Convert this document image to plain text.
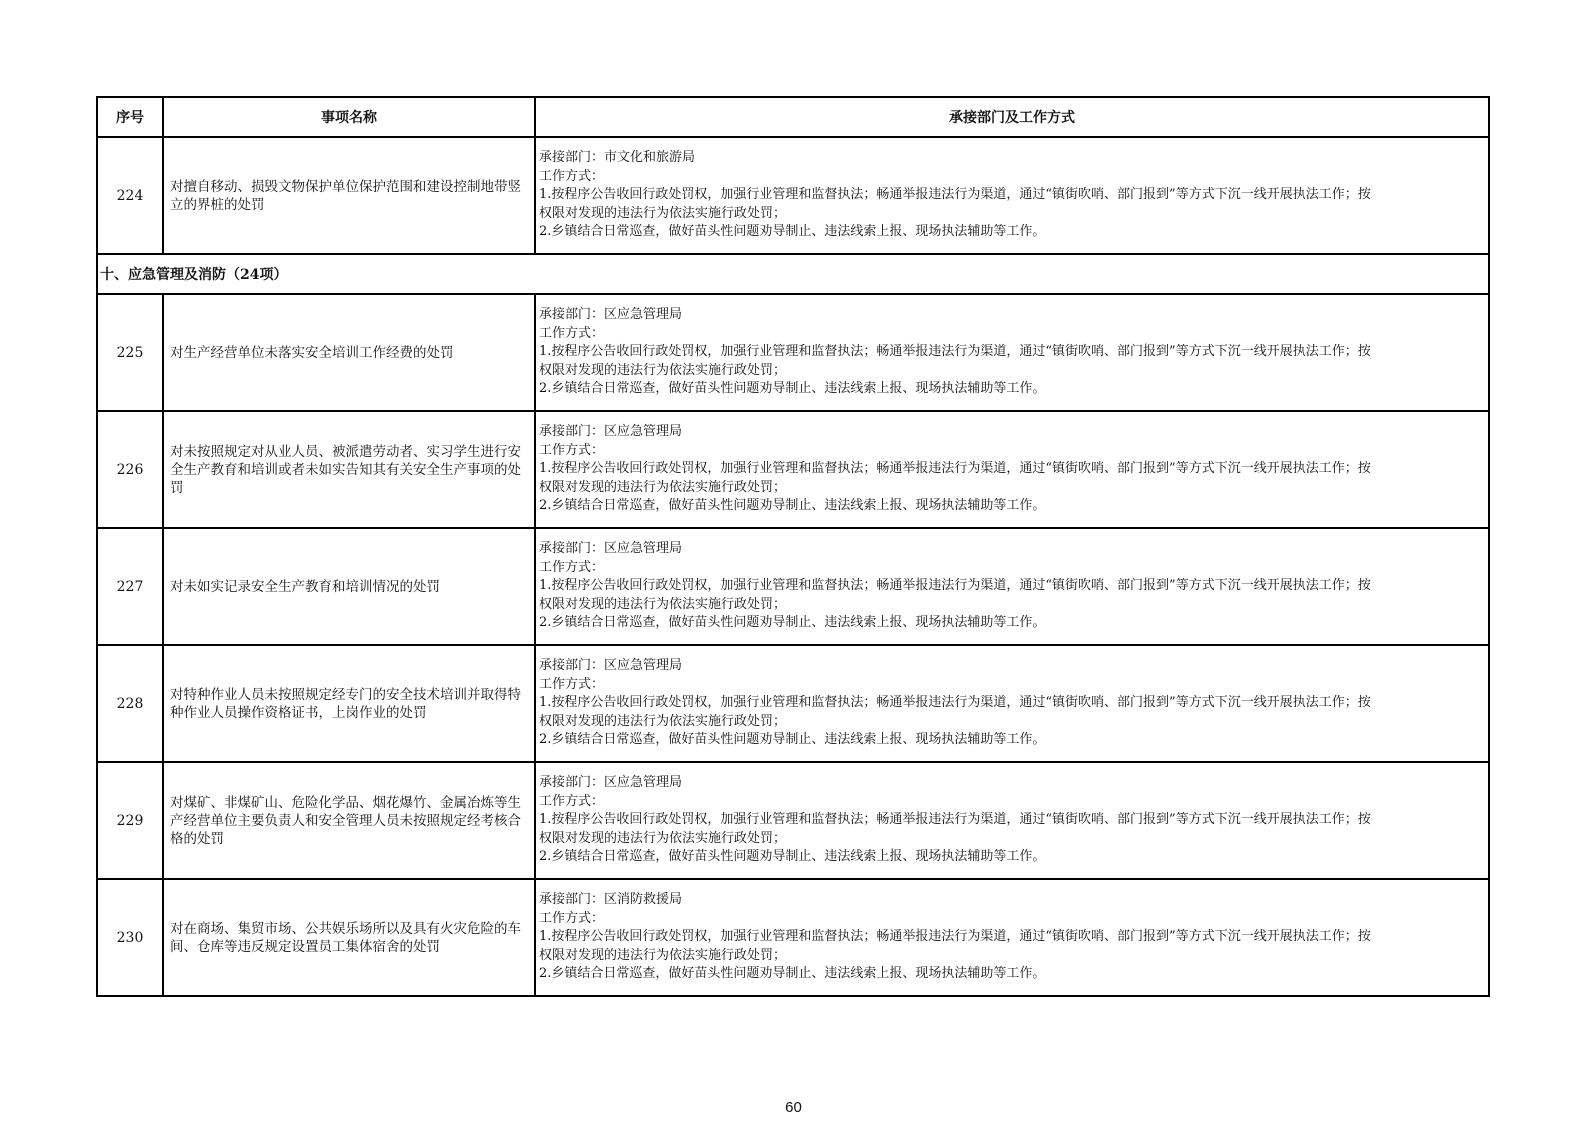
序号	事项名称	承接部门及工作方式
224	对擅自移动、损毁文物保护单位保护范围和建设控制地带竖立的界桩的处罚	承接部门：市文化和旅游局
工作方式：
1.按程序公告收回行政处罚权，加强行业管理和监督执法；畅通举报违法行为渠道，通过“镇街吹哨、部门报到”等方式下沉一线开展执法工作；按
权限对发现的违法行为依法实施行政处罚；
2.乡镇结合日常巡查，做好苗头性问题劝导制止、违法线索上报、现场执法辅助等工作。

十、应急管理及消防（24项）		
225	对生产经营单位未落实安全培训工作经费的处罚	承接部门：区应急管理局
工作方式：
1.按程序公告收回行政处罚权，加强行业管理和监督执法；畅通举报违法行为渠道，通过“镇街吹哨、部门报到”等方式下沉一线开展执法工作；按
权限对发现的违法行为依法实施行政处罚；
2.乡镇结合日常巡查，做好苗头性问题劝导制止、违法线索上报、现场执法辅助等工作。

226	对未按照规定对从业人员、被派遣劳动者、实习学生进行安全生产教育和培训或者未如实告知其有关安全生产事项的处罚	承接部门：区应急管理局
工作方式：
1.按程序公告收回行政处罚权，加强行业管理和监督执法；畅通举报违法行为渠道，通过“镇街吹哨、部门报到”等方式下沉一线开展执法工作；按
权限对发现的违法行为依法实施行政处罚；
2.乡镇结合日常巡查，做好苗头性问题劝导制止、违法线索上报、现场执法辅助等工作。

227	对未如实记录安全生产教育和培训情况的处罚	承接部门：区应急管理局
工作方式：
1.按程序公告收回行政处罚权，加强行业管理和监督执法；畅通举报违法行为渠道，通过“镇街吹哨、部门报到”等方式下沉一线开展执法工作；按
权限对发现的违法行为依法实施行政处罚；
2.乡镇结合日常巡查，做好苗头性问题劝导制止、违法线索上报、现场执法辅助等工作。

228	对特种作业人员未按照规定经专门的安全技术培训并取得特种作业人员操作资格证书，上岗作业的处罚	承接部门：区应急管理局
工作方式：
1.按程序公告收回行政处罚权，加强行业管理和监督执法；畅通举报违法行为渠道，通过“镇街吹哨、部门报到”等方式下沉一线开展执法工作；按
权限对发现的违法行为依法实施行政处罚；
2.乡镇结合日常巡查，做好苗头性问题劝导制止、违法线索上报、现场执法辅助等工作。

229	对煤矿、非煤矿山、危险化学品、烟花爆竹、金属冶炼等生产经营单位主要负责人和安全管理人员未按照规定经考核合格的处罚	承接部门：区应急管理局
工作方式：
1.按程序公告收回行政处罚权，加强行业管理和监督执法；畅通举报违法行为渠道，通过“镇街吹哨、部门报到”等方式下沉一线开展执法工作；按
权限对发现的违法行为依法实施行政处罚；
2.乡镇结合日常巡查，做好苗头性问题劝导制止、违法线索上报、现场执法辅助等工作。

230	对在商场、集贸市场、公共娱乐场所以及具有火灾危险的车间、仓库等违反规定设置员工集体宿舍的处罚	承接部门：区消防救援局
工作方式：
1.按程序公告收回行政处罚权，加强行业管理和监督执法；畅通举报违法行为渠道，通过“镇街吹哨、部门报到”等方式下沉一线开展执法工作；按
权限对发现的违法行为依法实施行政处罚；
2.乡镇结合日常巡查，做好苗头性问题劝导制止、违法线索上报、现场执法辅助等工作。
60
